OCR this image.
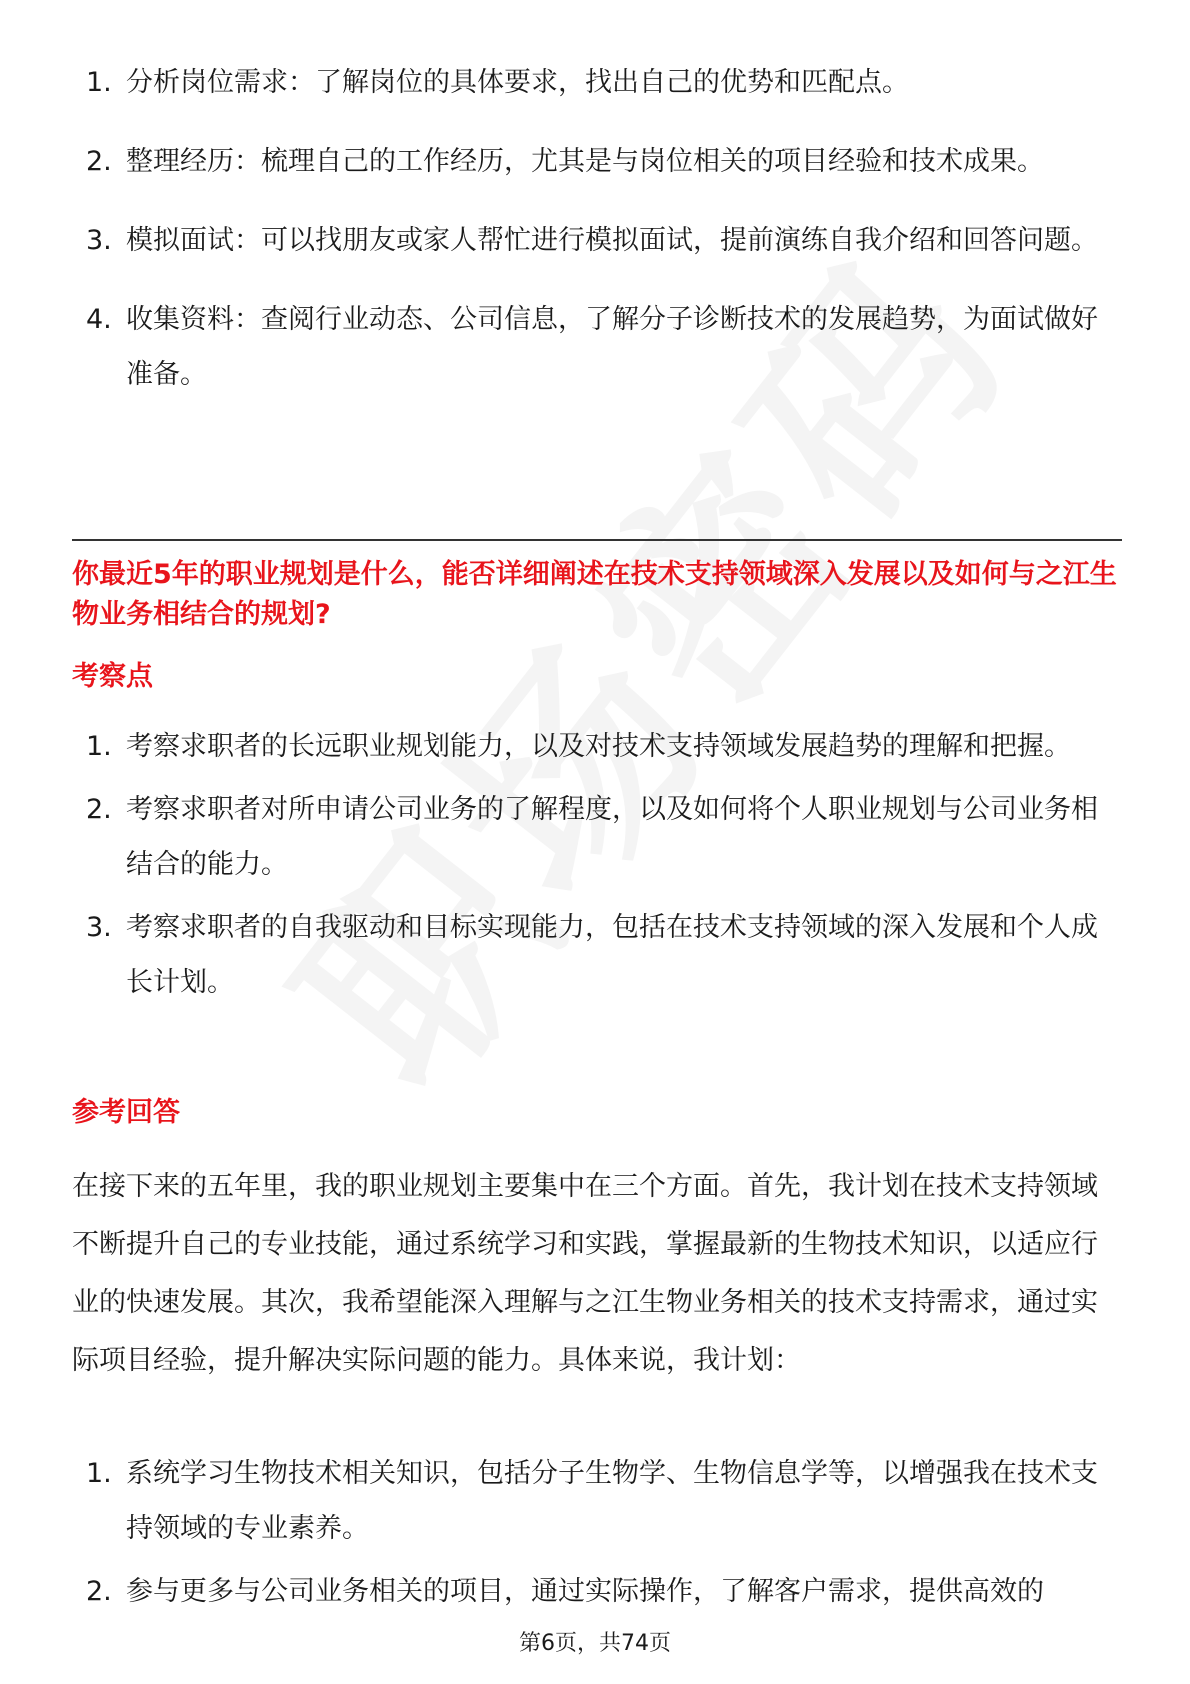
1. 分析岗位需求：了解岗位的具体要求，找出自己的优势和匹配点。
2. 整理经历：梳理自己的工作经历，尤其是与岗位相关的项目经验和技术成果。
3. 模拟面试：可以找朋友或家人帮忙进行模拟面试，提前演练自我介绍和回答问题。
4. 收集资料：查阅行业动态、公司信息，了解分子诊断技术的发展趋势，为面试做好准备。
你最近5年的职业规划是什么，能否详细阐述在技术支持领域深入发展以及如何与之江生物业务相结合的规划?
考察点
1. 考察求职者的长远职业规划能力，以及对技术支持领域发展趋势的理解和把握。
2. 考察求职者对所申请公司业务的了解程度，以及如何将个人职业规划与公司业务相结合的能力。
3. 考察求职者的自我驱动和目标实现能力，包括在技术支持领域的深入发展和个人成长计划。
参考回答

在接下来的五年里，我的职业规划主要集中在三个方面。首先，我计划在技术支持领域不断提升自己的专业技能，通过系统学习和实践，掌握最新的生物技术知识，以适应行业的快速发展。其次，我希望能深入理解与之江生物业务相关的技术支持需求，通过实际项目经验，提升解决实际问题的能力。具体来说，我计划：

1. 系统学习生物技术相关知识，包括分子生物学、生物信息学等，以增强我在技术支持领域的专业素养。
2. 参与更多与公司业务相关的项目，通过实际操作，了解客户需求，提供高效的
第6页，共74页
